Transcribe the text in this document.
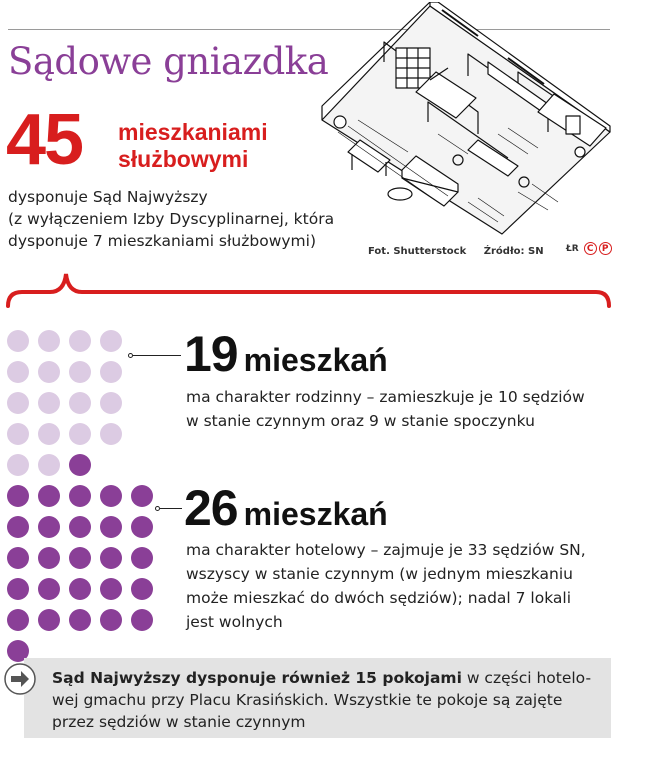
Sądowe gniazdka
45 mieszkaniami
służbowymi
dysponuje Sąd Najwyższy
(z wyłączeniem Izby Dyscyplinarnej, która
dysponuje 7 mieszkaniami służbowymi)
Fot. Shutterstock Źródło: SN	ŁR C P
19 mieszkań
ma charakter rodzinny – zamieszkuje je 10 sędziów
w stanie czynnym oraz 9 w stanie spoczynku
26 mieszkań
ma charakter hotelowy – zajmuje je 33 sędziów SN,
wszyscy w stanie czynnym (w jednym mieszkaniu
może mieszkać do dwóch sędziów); nadal 7 lokali
jest wolnych
Sąd Najwyższy dysponuje również 15 pokojami w części hotelo-
wej gmachu przy Placu Krasińskich. Wszystkie te pokoje są zajęte
przez sędziów w stanie czynnym
